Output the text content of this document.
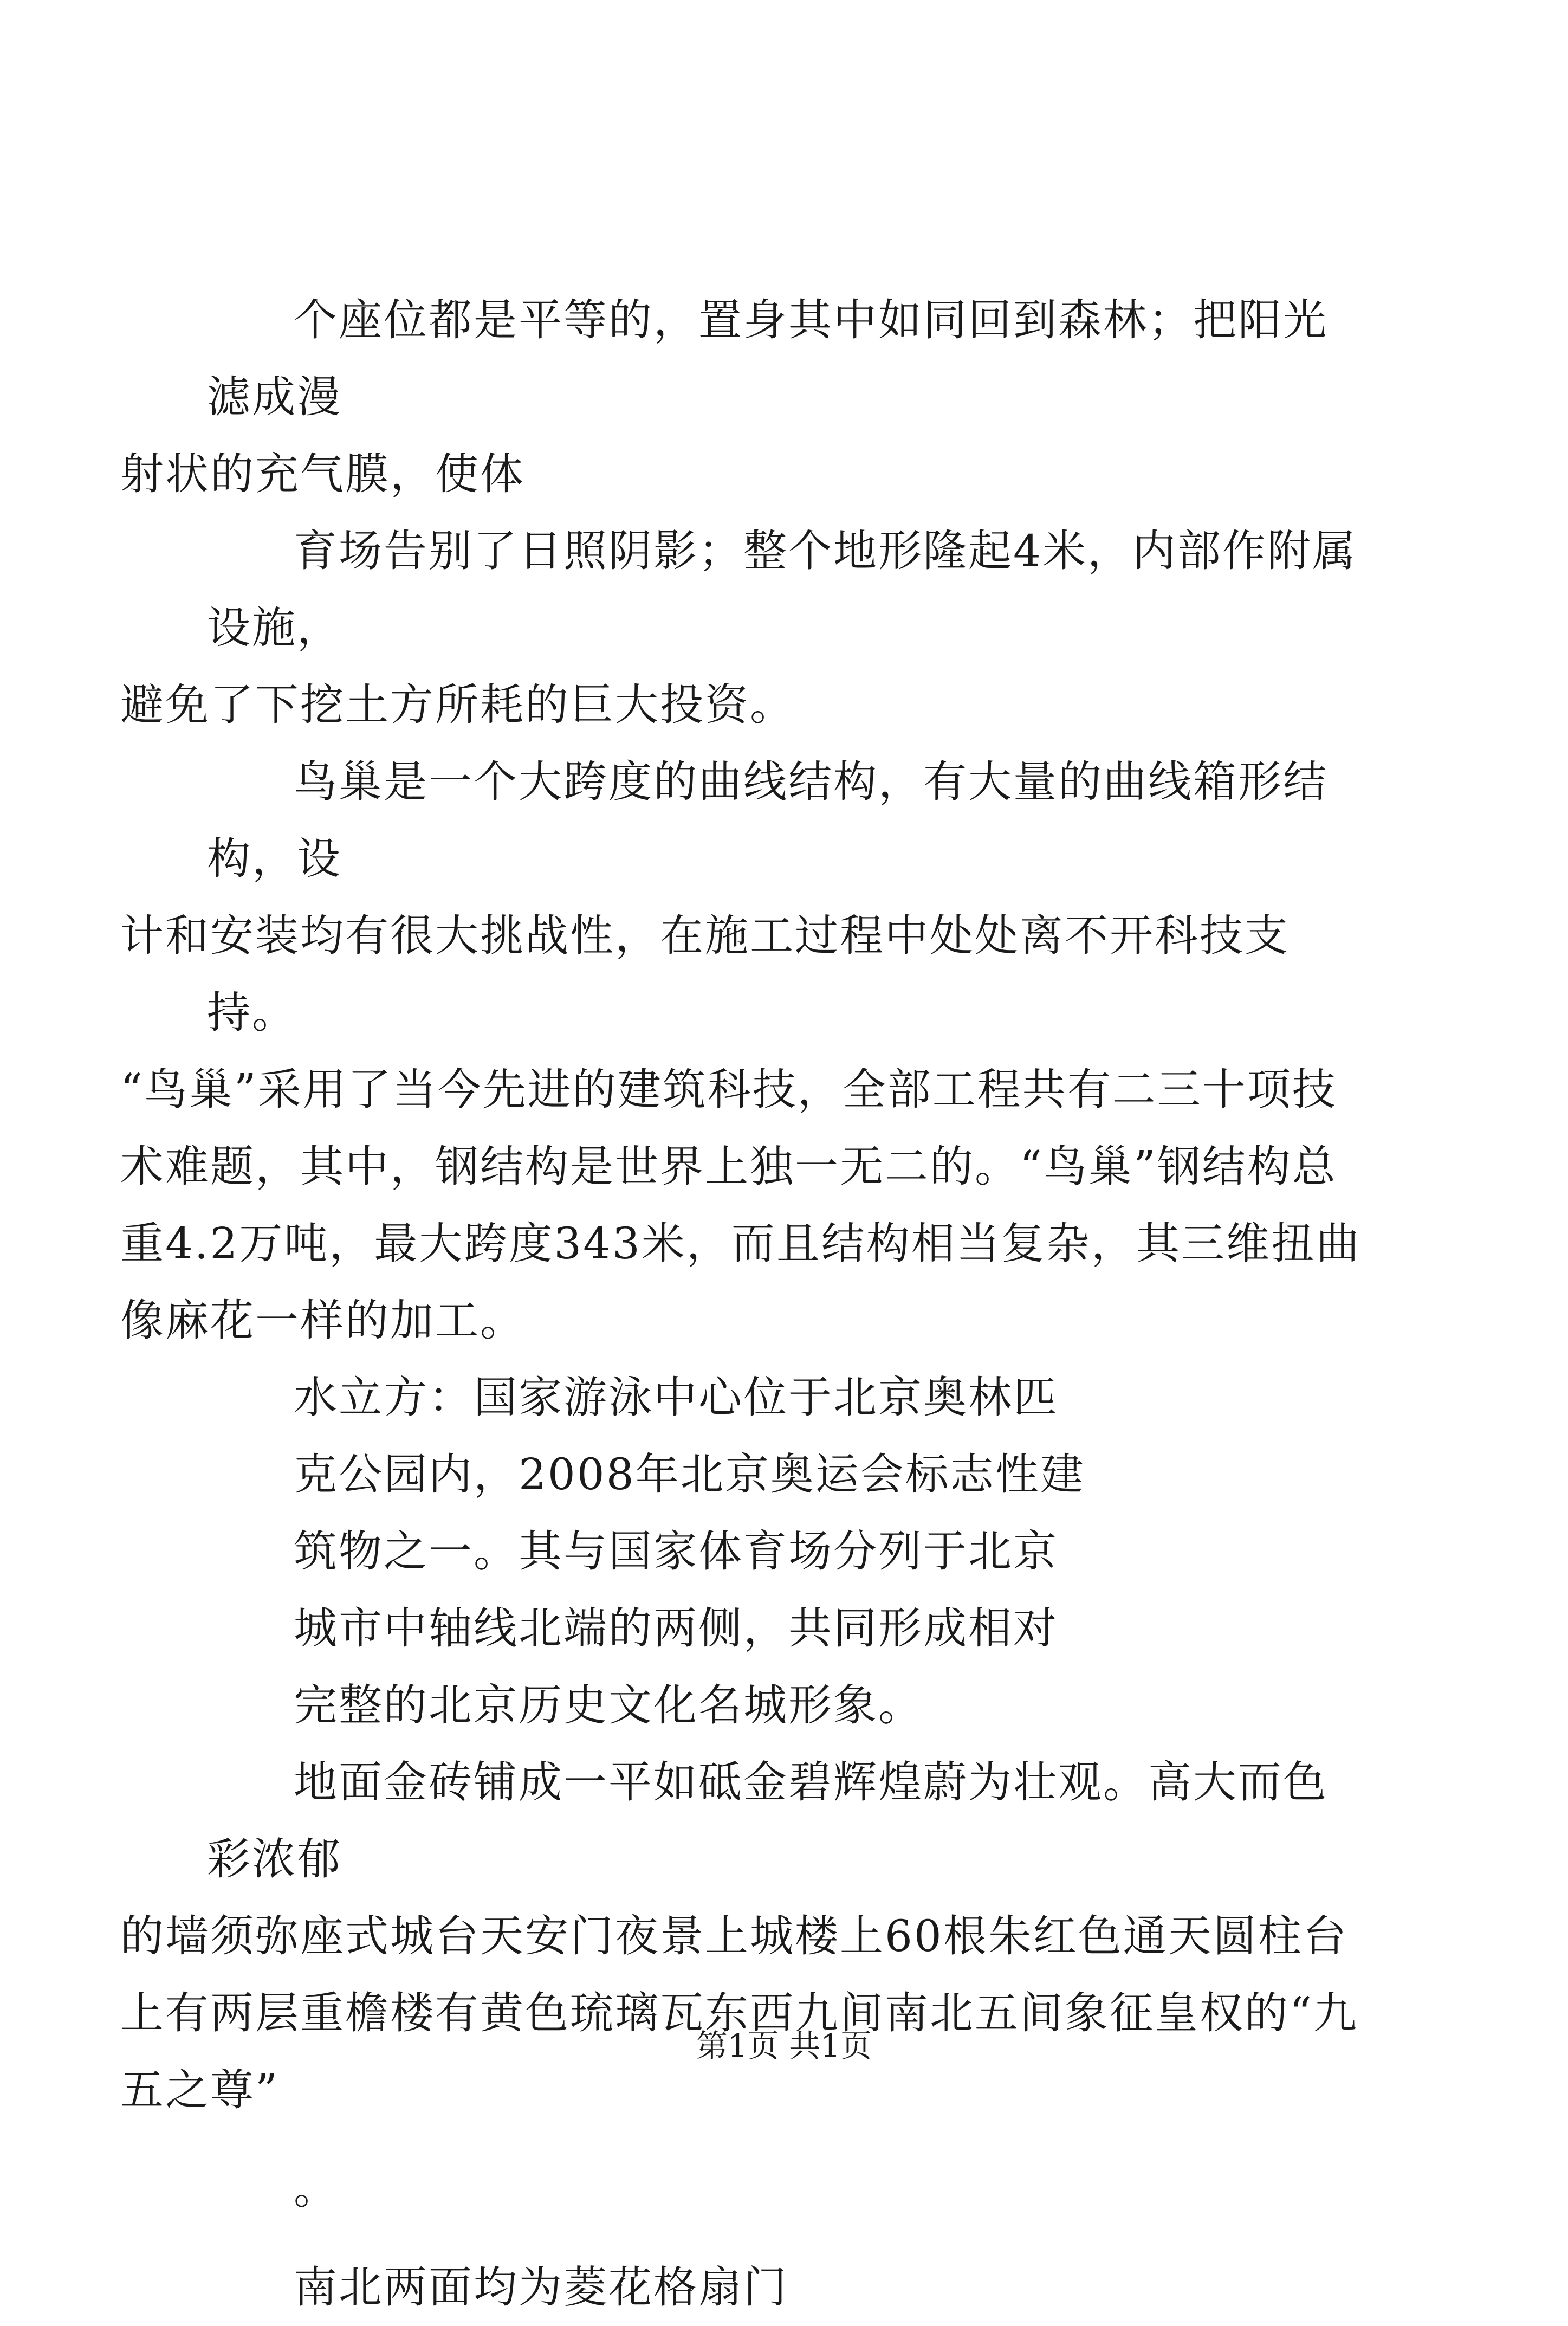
个座位都是平等的，置身其中如同回到森林；把阳光滤成漫
射状的充气膜，使体

育场告别了日照阴影；整个地形隆起4米，内部作附属设施，
避免了下挖土方所耗的巨大投资。

鸟巢是一个大跨度的曲线结构，有大量的曲线箱形结构，设
计和安装均有很大挑战性，在施工过程中处处离不开科技支持。
“鸟巢”采用了当今先进的建筑科技，全部工程共有二三十项技
术难题，其中，钢结构是世界上独一无二的。“鸟巢”钢结构总
重4.2万吨，最大跨度343米，而且结构相当复杂，其三维扭曲
像麻花一样的加工。

水立方：国家游泳中心位于北京奥林匹

克公园内，2008年北京奥运会标志性建

筑物之一。其与国家体育场分列于北京

城市中轴线北端的两侧，共同形成相对

完整的北京历史文化名城形象。

地面金砖铺成一平如砥金碧辉煌蔚为壮观。高大而色彩浓郁
的墙须弥座式城台天安门夜景上城楼上60根朱红色通天圆柱台
上有两层重檐楼有黄色琉璃瓦东西九间南北五间象征皇权的“九
五之尊”

。

南北两面均为菱花格扇门

第1页 共1页
